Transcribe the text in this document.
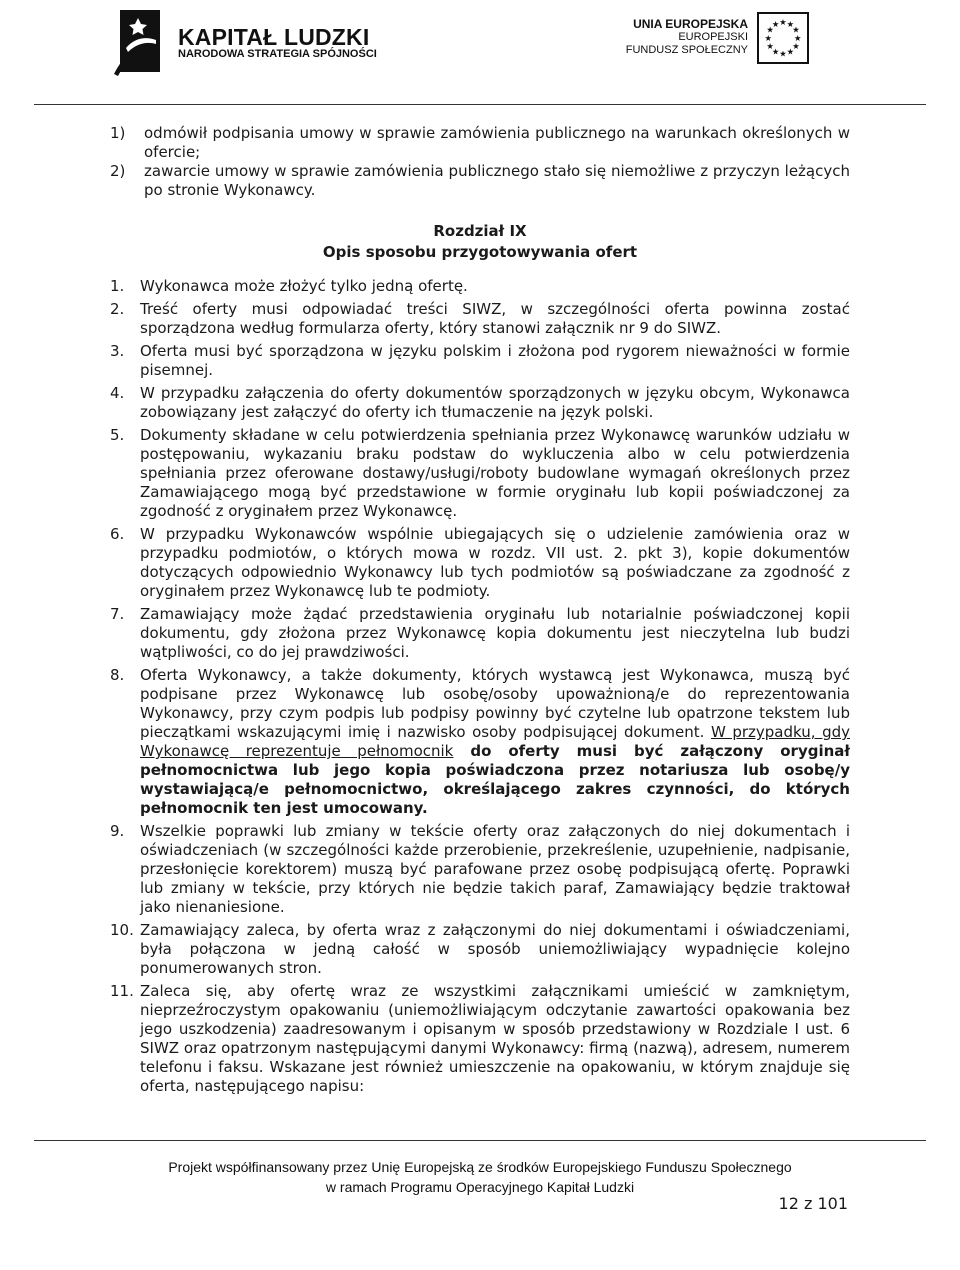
KAPITAŁ LUDZKI
NARODOWA STRATEGIA SPÓJNOŚCI
UNIA EUROPEJSKA
EUROPEJSKI
FUNDUSZ SPOŁECZNY
★ ★
★
★
★
★
★
★
★
★
★
★
1)	odmówił podpisania umowy w sprawie zamówienia publicznego na warunkach określonych w ofercie;
2)	zawarcie umowy w sprawie zamówienia publicznego stało się niemożliwe z przyczyn leżących po stronie Wykonawcy.
Rozdział IX
Opis sposobu przygotowywania ofert
1.	Wykonawca może złożyć tylko jedną ofertę.
2.	Treść oferty musi odpowiadać treści SIWZ, w szczególności oferta powinna zostać sporządzona według formularza oferty, który stanowi załącznik nr 9 do SIWZ.
3.	Oferta musi być sporządzona w języku polskim i złożona pod rygorem nieważności w formie pisemnej.
4.	W przypadku załączenia do oferty dokumentów sporządzonych w języku obcym, Wykonawca zobowiązany jest załączyć do oferty ich tłumaczenie na język polski.
5.	Dokumenty składane w celu potwierdzenia spełniania przez Wykonawcę warunków udziału w postępowaniu, wykazaniu braku podstaw do wykluczenia albo w celu potwierdzenia spełniania przez oferowane dostawy/usługi/roboty budowlane wymagań określonych przez Zamawiającego mogą być przedstawione w formie oryginału lub kopii poświadczonej za zgodność z oryginałem przez Wykonawcę.
6.	W przypadku Wykonawców wspólnie ubiegających się o udzielenie zamówienia oraz w przypadku podmiotów, o których mowa w rozdz. VII ust. 2. pkt 3), kopie dokumentów dotyczących odpowiednio Wykonawcy lub tych podmiotów są poświadczane za zgodność z oryginałem przez Wykonawcę lub te podmioty.
7.	Zamawiający może żądać przedstawienia oryginału lub notarialnie poświadczonej kopii dokumentu, gdy złożona przez Wykonawcę kopia dokumentu jest nieczytelna lub budzi wątpliwości, co do jej prawdziwości.
8.	Oferta Wykonawcy, a także dokumenty, których wystawcą jest Wykonawca, muszą być podpisane przez Wykonawcę lub osobę/osoby upoważnioną/e do reprezentowania Wykonawcy, przy czym podpis lub podpisy powinny być czytelne lub opatrzone tekstem lub pieczątkami wskazującymi imię i nazwisko osoby podpisującej dokument. W przypadku, gdy Wykonawcę reprezentuje pełnomocnik do oferty musi być załączony oryginał pełnomocnictwa lub jego kopia poświadczona przez notariusza lub osobę/y wystawiającą/e pełnomocnictwo, określającego zakres czynności, do których pełnomocnik ten jest umocowany.
9.	Wszelkie poprawki lub zmiany w tekście oferty oraz załączonych do niej dokumentach i oświadczeniach (w szczególności każde przerobienie, przekreślenie, uzupełnienie, nadpisanie, przesłonięcie korektorem) muszą być parafowane przez osobę podpisującą ofertę. Poprawki lub zmiany w tekście, przy których nie będzie takich paraf, Zamawiający będzie traktował jako nienaniesione.
10. Zamawiający zaleca, by oferta wraz z załączonymi do niej dokumentami i oświadczeniami, była połączona w jedną całość w sposób uniemożliwiający wypadnięcie kolejno ponumerowanych stron.
11. Zaleca się, aby ofertę wraz ze wszystkimi załącznikami umieścić w zamkniętym, nieprzeźroczystym opakowaniu (uniemożliwiającym odczytanie zawartości opakowania bez jego uszkodzenia) zaadresowanym i opisanym w sposób przedstawiony w Rozdziale I ust. 6 SIWZ oraz opatrzonym następującymi danymi Wykonawcy: firmą (nazwą), adresem, numerem telefonu i faksu. Wskazane jest również umieszczenie na opakowaniu, w którym znajduje się oferta, następującego napisu:
Projekt współfinansowany przez Unię Europejską ze środków Europejskiego Funduszu Społecznego
w ramach Programu Operacyjnego Kapitał Ludzki
12 z 101
